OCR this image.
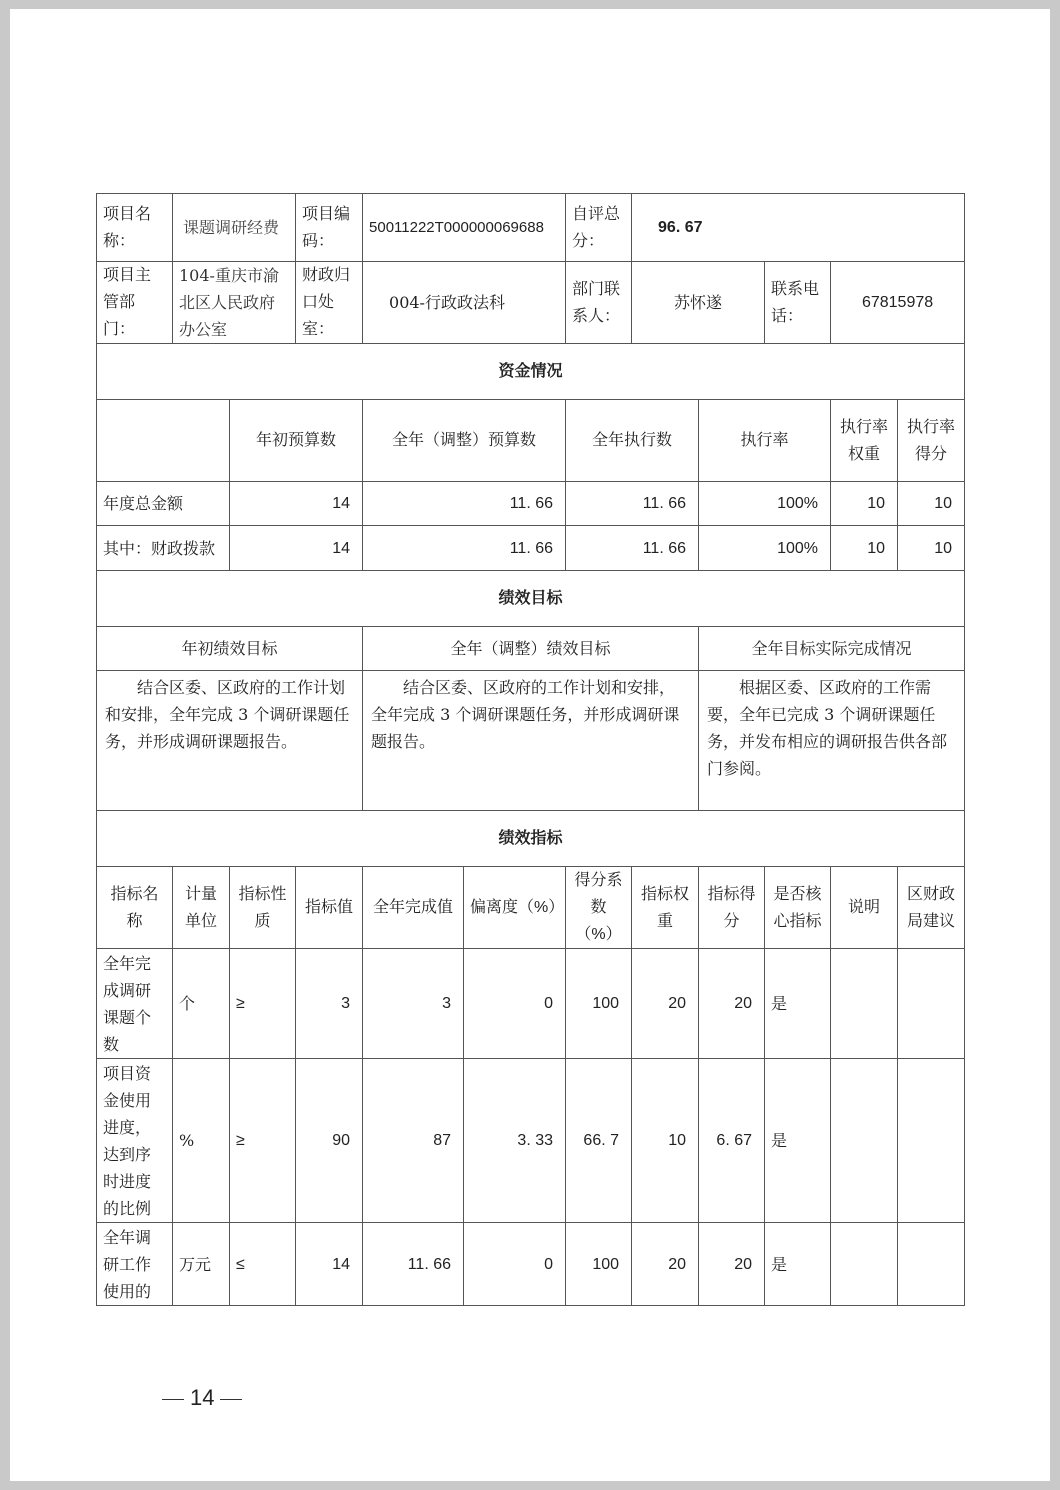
项目名称：	课题调研经费		项目编码：	50011222T000000069688		自评总分：	96. 67				
项目主管部门：	104-重庆市渝北区人民政府办公室		财政归口处室：	004-行政政法科		部门联系人：	苏怀遂		联系电话：	67815978	
资金情况											
		年初预算数		全年（调整）预算数		全年执行数		执行率		执行率权重	执行率得分
年度总金额		14		11. 66		11. 66		100%		10	10
其中：财政拨款		14		11. 66		11. 66		100%		10	10
绩效目标											
年初绩效目标				全年（调整）绩效目标				全年目标实际完成情况			
结合区委、区政府的工作计划和安排，全年完成 3 个调研课题任务，并形成调研课题报告。				结合区委、区政府的工作计划和安排，全年完成 3 个调研课题任务，并形成调研课题报告。				根据区委、区政府的工作需要，全年已完成 3 个调研课题任务，并发布相应的调研报告供各部门参阅。			
绩效指标											
指标名称	计量单位	指标性质	指标值	全年完成值	偏离度（%）	得分系数（%）	指标权重	指标得分	是否核心指标	说明	区财政局建议
全年完成调研课题个数	个	≥	3	3	0	100	20	20	是		
项目资金使用进度，达到序时进度的比例	%	≥	90	87	3. 33	66. 7	10	6. 67	是		
全年调研工作使用的	万元	≤	14	11. 66	0	100	20	20	是		
14
